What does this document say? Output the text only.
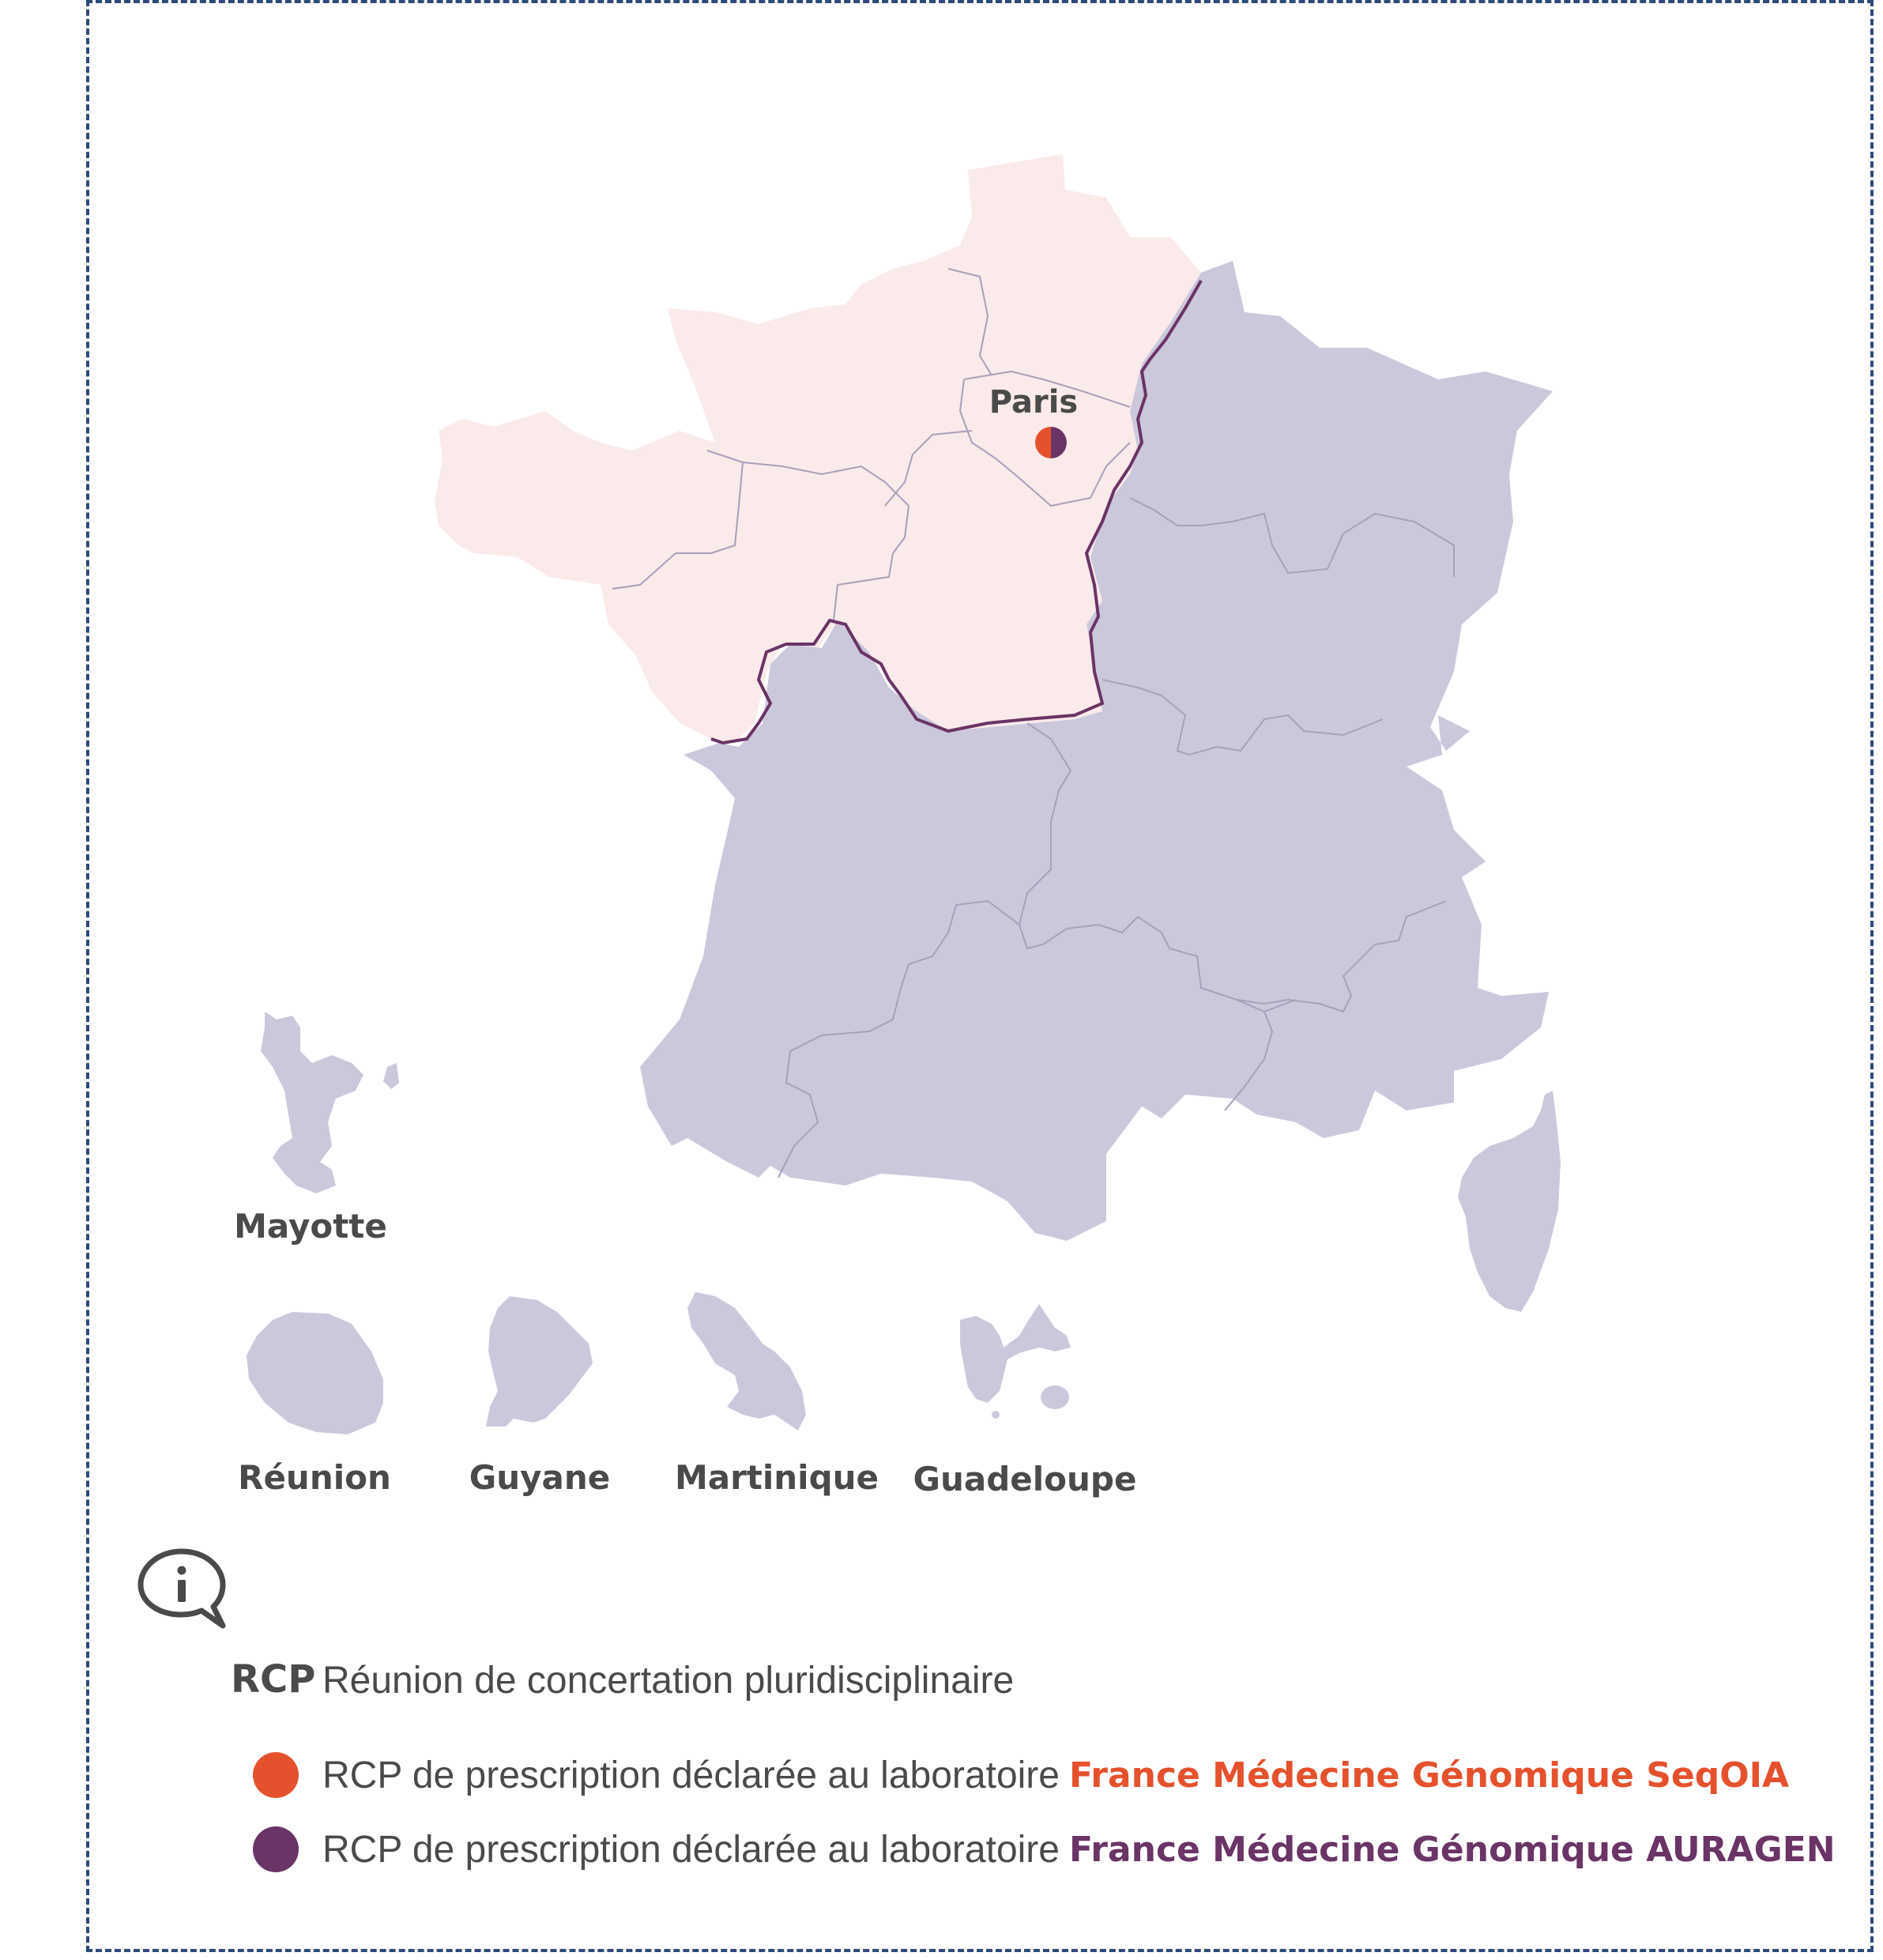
Paris
Mayotte
Réunion Guyane Martinique Guadeloupe
RCP Réunion de concertation pluridisciplinaire
RCP de prescription déclarée au laboratoire France Médecine Génomique SeqOIA
RCP de prescription déclarée au laboratoire France Médecine Génomique AURAGEN
